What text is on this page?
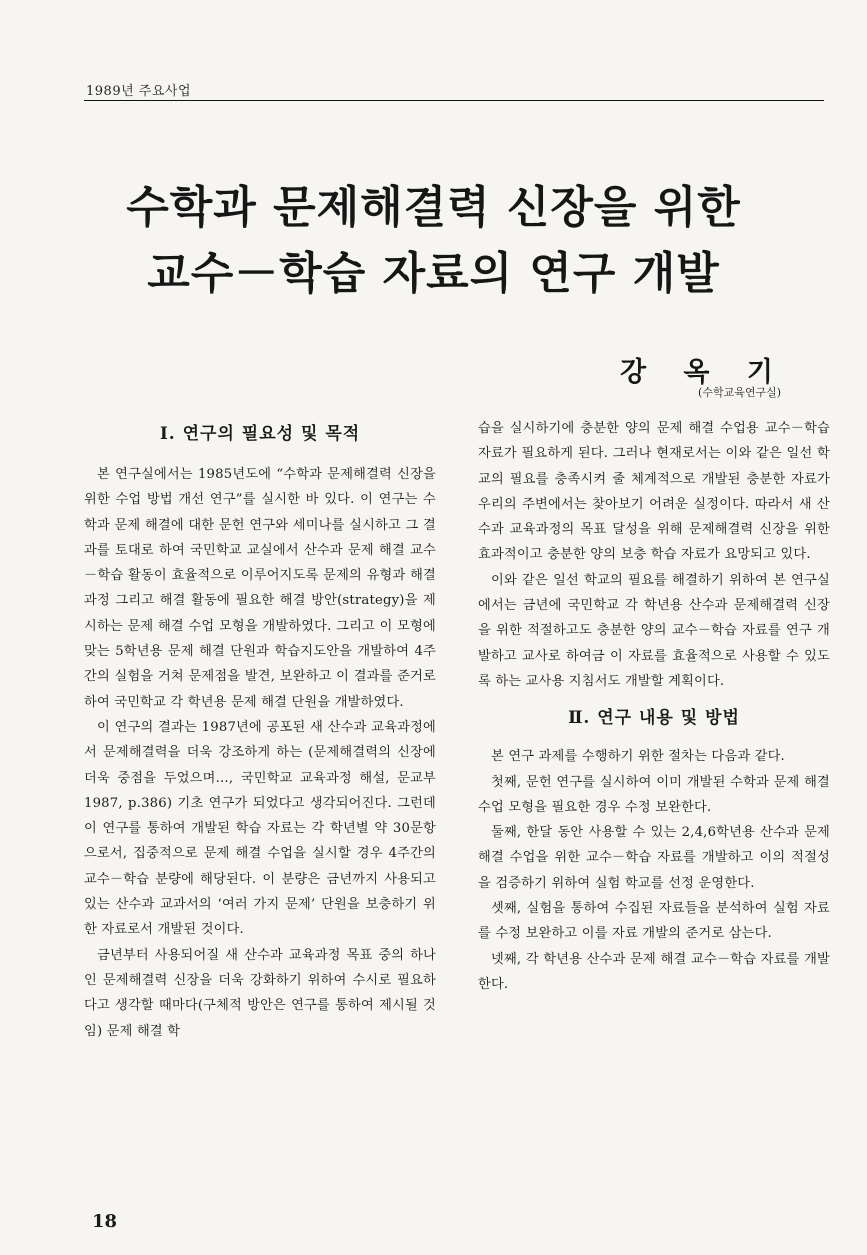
1989년 주요사업
수학과 문제해결력 신장을 위한
교수－학습 자료의 연구 개발
강 옥 기
(수학교육연구실)
Ⅰ. 연구의 필요성 및 목적

본 연구실에서는 1985년도에 “수학과 문제해결력 신장을 위한 수업 방법 개선 연구”를 실시한 바 있다. 이 연구는 수학과 문제 해결에 대한 문헌 연구와 세미나를 실시하고 그 결과를 토대로 하여 국민학교 교실에서 산수과 문제 해결 교수－학습 활동이 효율적으로 이루어지도록 문제의 유형과 해결 과정 그리고 해결 활동에 필요한 해결 방안(strategy)을 제시하는 문제 해결 수업 모형을 개발하였다. 그리고 이 모형에 맞는 5학년용 문제 해결 단원과 학습지도안을 개발하여 4주간의 실험을 거쳐 문제점을 발견, 보완하고 이 결과를 준거로 하여 국민학교 각 학년용 문제 해결 단원을 개발하였다.

이 연구의 결과는 1987년에 공포된 새 산수과 교육과정에서 문제해결력을 더욱 강조하게 하는 (문제해결력의 신장에 더욱 중점을 두었으며…, 국민학교 교육과정 해설, 문교부 1987, p.386) 기초 연구가 되었다고 생각되어진다. 그런데 이 연구를 통하여 개발된 학습 자료는 각 학년별 약 30문항으로서, 집중적으로 문제 해결 수업을 실시할 경우 4주간의 교수－학습 분량에 해당된다. 이 분량은 금년까지 사용되고 있는 산수과 교과서의 ‘여러 가지 문제’ 단원을 보충하기 위한 자료로서 개발된 것이다.

금년부터 사용되어질 새 산수과 교육과정 목표 중의 하나인 문제해결력 신장을 더욱 강화하기 위하여 수시로 필요하다고 생각할 때마다(구체적 방안은 연구를 통하여 제시될 것임) 문제 해결 학

습을 실시하기에 충분한 양의 문제 해결 수업용 교수－학습 자료가 필요하게 된다. 그러나 현재로서는 이와 같은 일선 학교의 필요를 충족시켜 줄 체계적으로 개발된 충분한 자료가 우리의 주변에서는 찾아보기 어려운 실정이다. 따라서 새 산수과 교육과정의 목표 달성을 위해 문제해결력 신장을 위한 효과적이고 충분한 양의 보충 학습 자료가 요망되고 있다.

이와 같은 일선 학교의 필요를 해결하기 위하여 본 연구실에서는 금년에 국민학교 각 학년용 산수과 문제해결력 신장을 위한 적절하고도 충분한 양의 교수－학습 자료를 연구 개발하고 교사로 하여금 이 자료를 효율적으로 사용할 수 있도록 하는 교사용 지침서도 개발할 계획이다.

Ⅱ. 연구 내용 및 방법

본 연구 과제를 수행하기 위한 절차는 다음과 같다.

첫째, 문헌 연구를 실시하여 이미 개발된 수학과 문제 해결 수업 모형을 필요한 경우 수정 보완한다.

둘째, 한달 동안 사용할 수 있는 2,4,6학년용 산수과 문제 해결 수업을 위한 교수－학습 자료를 개발하고 이의 적절성을 검증하기 위하여 실험 학교를 선정 운영한다.

셋째, 실험을 통하여 수집된 자료들을 분석하여 실험 자료를 수정 보완하고 이를 자료 개발의 준거로 삼는다.

넷째, 각 학년용 산수과 문제 해결 교수－학습 자료를 개발한다.

18
